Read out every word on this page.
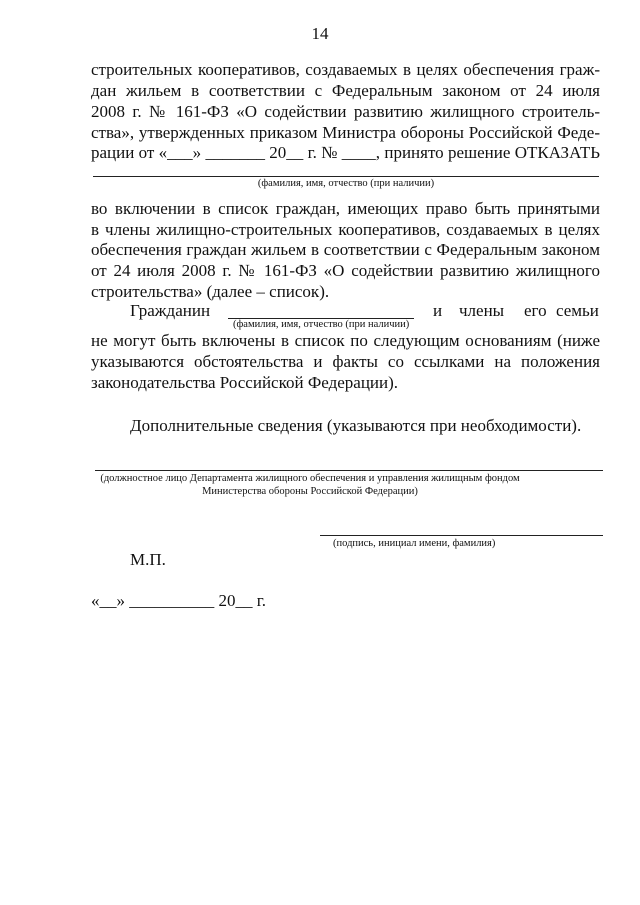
14
строительных кооперативов, создаваемых в целях обеспечения граж-
дан жильем в соответствии с Федеральным законом от 24 июля
2008 г. № 161-ФЗ «О содействии развитию жилищного строитель-
ства», утвержденных приказом Министра обороны Российской Феде-
рации от «___» _______ 20__ г. № ____, принято решение ОТКАЗАТЬ
(фамилия, имя, отчество (при наличии)
во включении в список граждан, имеющих право быть принятыми
в члены жилищно-строительных кооперативов, создаваемых в целях
обеспечения граждан жильем в соответствии с Федеральным законом
от 24 июля 2008 г. № 161-ФЗ «О содействии развитию жилищного
строительства» (далее – список).
Гражданин	и члены его семьи
(фамилия, имя, отчество (при наличии)
не могут быть включены в список по следующим основаниям (ниже
указываются обстоятельства и факты со ссылками на положения
законодательства Российской Федерации).
Дополнительные сведения (указываются при необходимости).
(должностное лицо Департамента жилищного обеспечения и управления жилищным фондом
Министерства обороны Российской Федерации)
(подпись, инициал имени, фамилия)
М.П.
«__» __________ 20__ г.
